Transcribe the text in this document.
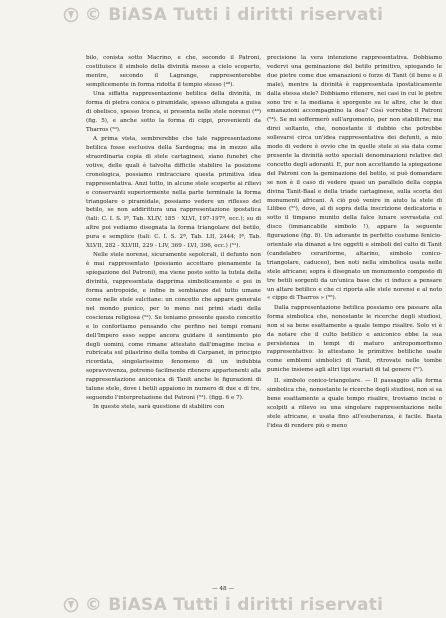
© BiASA Tutti i diritti riservati

bilo, conista sotto Macrino, e che, secondo il Patroni, costituisce il simbolo della divinità messo a cielo scoperto, mentre, secondo il Lagrange, rappresenterebbe semplicemente in forma ridotta il tempio stesso (⁴⁸).

Una siffatta rappresentazione betilica della divinità, in forma di pietra conica o piramidale, spesso allungata a guisa di obelisco, spesso tronca, si presenta nelle stele norensi (⁴⁹) (fig. 5), e anche sotto la forma di cippi, provenienti da Tharros (⁵⁰).

A prima vista, sembrerebbe che tale rappresentazione betilica fosse esclusiva della Sardegna; ma in mezzo alla straordinaria copia di stele cartaginesi, siano funebri che votive, delle quali è talvolta difficile stabilire la posizione cronologica, possiamo rintracciare questa primitiva idea rappresentativa. Anzi tutto, in alcune stele scoperte ai rilievi e conservanti superiormente nella parte terminale la forma triangolare o piramidale, possiamo vedere un riflesso del betilo, se non addirittura una rappresentazione ipostatica (tali: C. I. S. Iª, Tab. XLIV, 185 · XLVI, 197-197ª, ecc.); su di altre poi vediamo disegnata la forma triangolare del betilo, pura e semplice (tali: C. I. S. 2ª, Tab. LII, 2444; Iª, Tab. XLVII, 282 - XLVIII, 229 - LIV, 369 - LVI, 396, ecc.) (⁵¹).

Nelle stele norensi, sicuramente sepolcrali, il defunto non è mai rappresentato (possiamo accettare pienamente la spiegazione del Patroni), ma viene posto sotto la tutela della divinità, rappresentata dapprima simbolicamente e poi in forma antropoide, e infine in sembianze del tutto umane come nelle stele sulcitane: un concetto che appare generale nel mondo punico, per lo meno nei primi stadi della coscienza religiosa (⁵²). Se teniamo presente questo concetto e lo confortiamo pensando che perfino nei tempi romani dell'Impero esso seppe ancora guidare il sentimento pio degli uomini, come rimane attestato dall'imagine incisa e rubricata sul pilastrino della tomba di Carpanet, in principio ricordata, singolarissimo fenomeno di un indubbia sopravvivenza, potremo facilmente ritenere appartenenti alla rappresentazione aniconica di Tanit anche le figurazioni di talune stele, dove i betili appaiono in numero di due e di tre, seguendo l'interpretazione del Patroni (⁵³). (figg. 6 e 7).

In queste stele, sarà questione di stabilire con

precisione la vera intenzione rappresentativa. Dobbiamo vedervi una geminazione del betilo primitivo, spiegando le due pietre come due emanazioni o forze di Tanit (il bene e il male), mentre la divinità è rappresentata ipostaticamente dalla stessa stele? Dobbiamo ritenere, nei casi in cui le pietre sono tre e la mediana è sporgente su le altre, che le due emanazioni accompagnino la dea? Così vorrebbe il Patroni (⁵⁴). Se mi soffermerò sull'argomento, per non stabilirne; ma direi soltanto, che, nonostante il dubbio che potrebbe sollevarsi circa un'idea rappresentativa dei defunti, a mio modo di vedere è ovvio che in quelle stele si sia data come presente la divinità sotto speciali denominazioni relative del concetto degli adoranti. E, pur non accettando la spiegazione del Patroni con la geminazione del betilo, si può domandare se non è il caso di vedere quasi un parallelo della coppia divina Tanit-Baal e della triade cartaginese, sulla scorta dei monumenti africani. A ciò può venire in aiuto la stele di Lilibeo (⁵⁵), dove, al di sopra della inscrizione dedicatoria e sotto il timpano munito della falce lunare sovrastata col disco (immancabile simbolo !), appare la seguente figurazione (fig. 8). Un adorante in perfetto costume fenicio-orientale sta dinanzi a tre oggetti e simboli del culto di Tanit (candelabro cerariforme, altarino, simbolo conico-triangolare, caduceo), ben noti nella simbolica usata nelle stele africane; sopra è disegnato un monumento composto di tre betili sorgenti da un'unica base che ci induce a pensare un altare betilico e che ci riporta alle stele norensi e al noto « cippo di Tharros » (⁵⁶).

Dalla rappresentazione betilica possiamo ora passare alla forma simbolica che, nonostante le ricerche degli studiosi, non si sa bene esattamente a quale tempo risalire. Solo vi è da notare che il culto betilico e aniconico ebbe la sua persistenza in tempi di maturo antropomorfismo rappresentativo: lo attestano le primitive betiliche usate come emblemi simbolici di Tanit, ritrovate nelle tombe puniche insieme agli altri tipi svariati di tal genere (⁵⁷).

II. simbolo conico-triangolare. — Il passaggio alla forma simbolica che, nonostante le ricerche degli studiosi, non si sa bene esattamente a quale tempo risalire, troviamo incisi o scolpiti a rilievo su una singolare rappresentazione nelle stele africane, e usata fino all'esuberanza, è facile. Basta l'idea di rendere più o meno

— 48 —
© BiASA Tutti i diritti riservati
